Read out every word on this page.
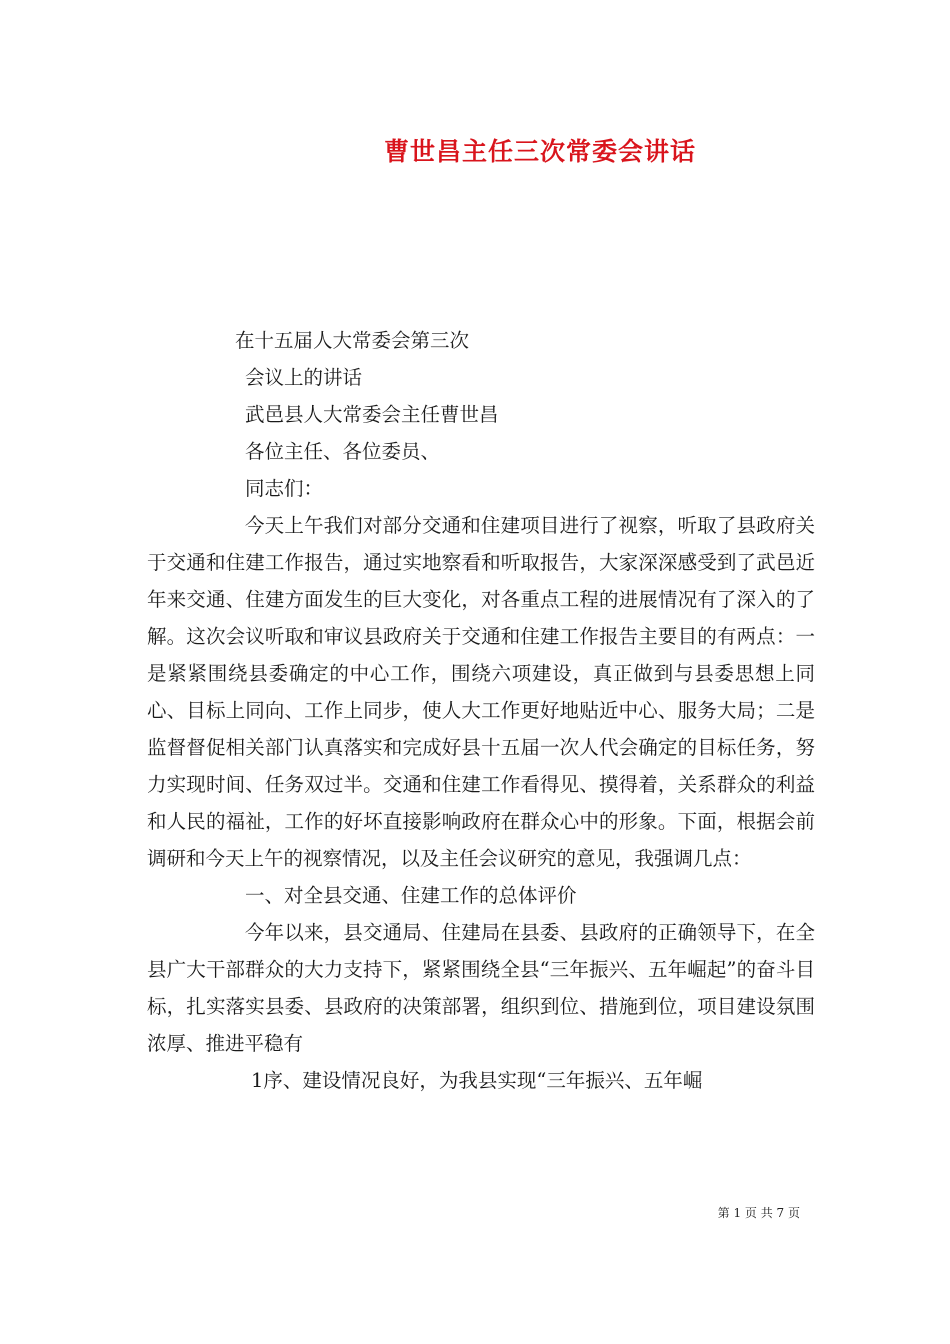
曹世昌主任三次常委会讲话
在十五届人大常委会第三次
会议上的讲话
武邑县人大常委会主任曹世昌
各位主任、各位委员、
同志们：

今天上午我们对部分交通和住建项目进行了视察，听取了县政府关于交通和住建工作报告，通过实地察看和听取报告，大家深深感受到了武邑近年来交通、住建方面发生的巨大变化，对各重点工程的进展情况有了深入的了解。这次会议听取和审议县政府关于交通和住建工作报告主要目的有两点：一是紧紧围绕县委确定的中心工作，围绕六项建设，真正做到与县委思想上同心、目标上同向、工作上同步，使人大工作更好地贴近中心、服务大局；二是监督督促相关部门认真落实和完成好县十五届一次人代会确定的目标任务，努力实现时间、任务双过半。交通和住建工作看得见、摸得着，关系群众的利益和人民的福祉，工作的好坏直接影响政府在群众心中的形象。下面，根据会前调研和今天上午的视察情况，以及主任会议研究的意见，我强调几点：

一、对全县交通、住建工作的总体评价

今年以来，县交通局、住建局在县委、县政府的正确领导下，在全县广大干部群众的大力支持下，紧紧围绕全县“三年振兴、五年崛起”的奋斗目标，扎实落实县委、县政府的决策部署，组织到位、措施到位，项目建设氛围浓厚、推进平稳有

1序、建设情况良好，为我县实现“三年振兴、五年崛
第 1 页 共 7 页
